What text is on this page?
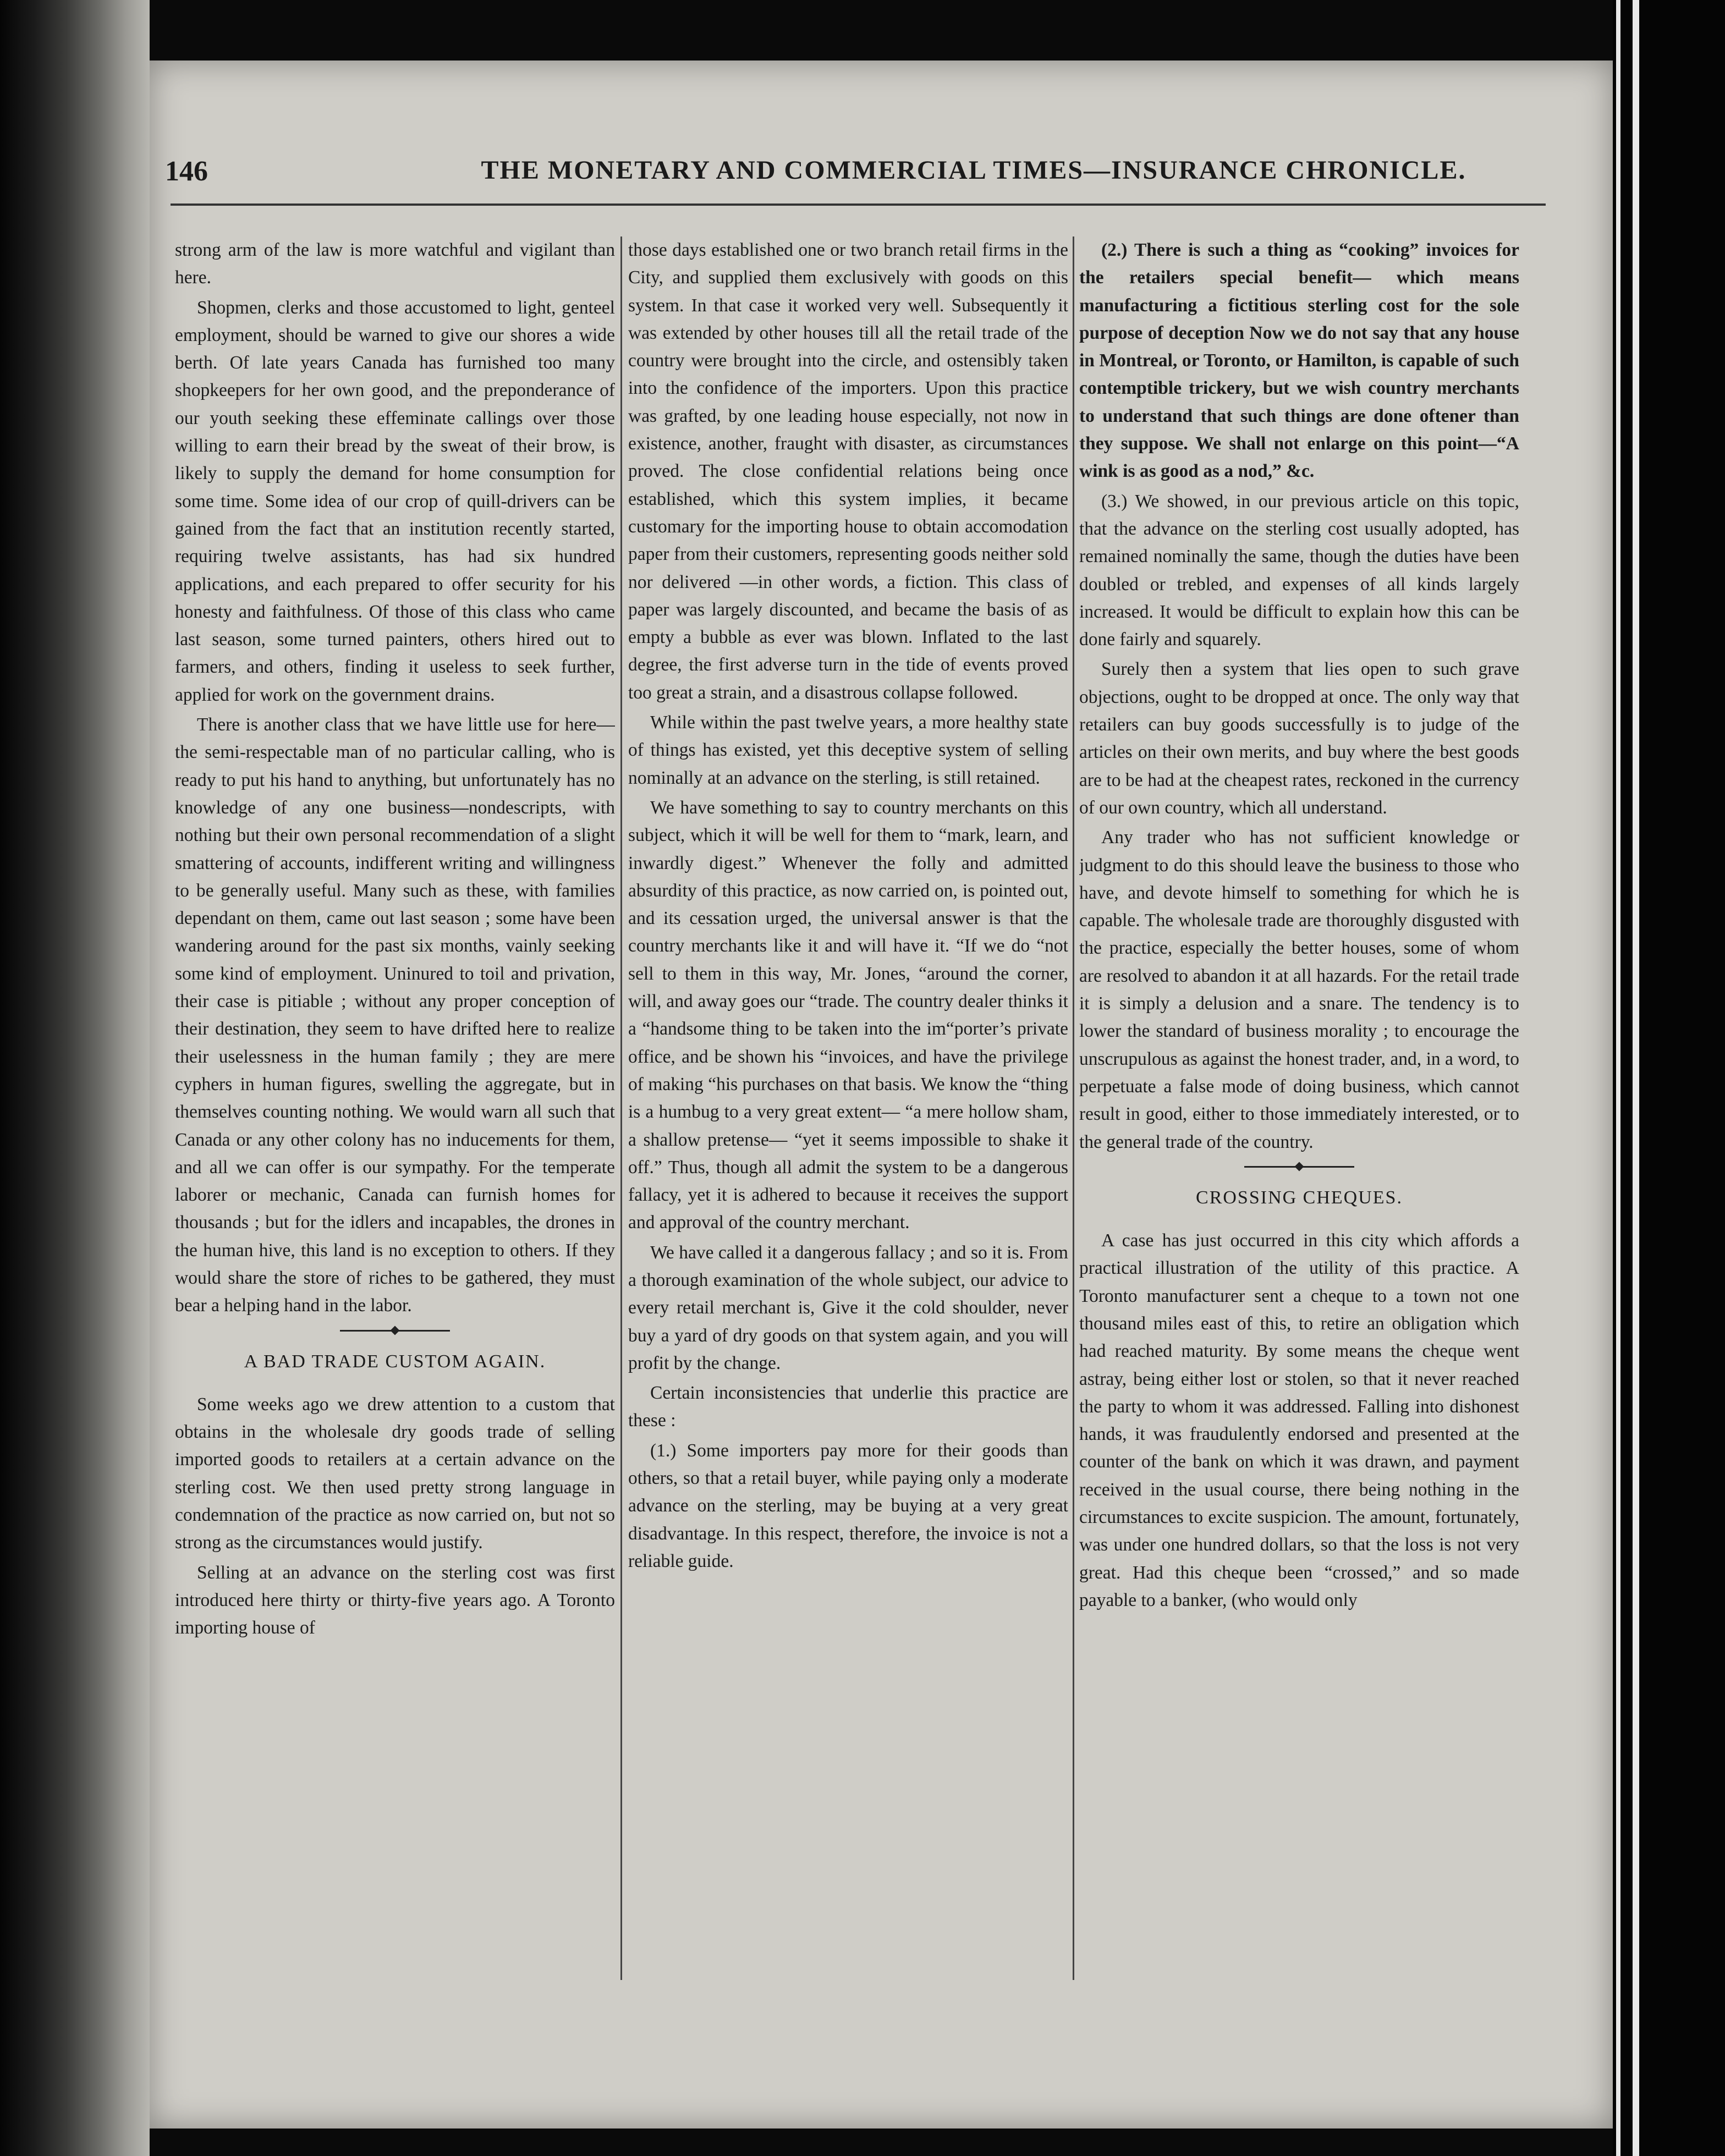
146	THE MONETARY AND COMMERCIAL TIMES—INSURANCE CHRONICLE.

strong arm of the law is more watchful and vigilant than here.

Shopmen, clerks and those accustomed to light, genteel employment, should be warned to give our shores a wide berth. Of late years Canada has furnished too many shopkeepers for her own good, and the preponderance of our youth seeking these effeminate callings over those willing to earn their bread by the sweat of their brow, is likely to supply the demand for home consumption for some time. Some idea of our crop of quill-drivers can be gained from the fact that an institution recently started, requiring twelve assistants, has had six hundred applications, and each prepared to offer security for his honesty and faithfulness. Of those of this class who came last season, some turned painters, others hired out to farmers, and others, finding it useless to seek further, applied for work on the government drains.

There is another class that we have little use for here—the semi-respectable man of no particular calling, who is ready to put his hand to anything, but unfortunately has no knowledge of any one business—nondescripts, with nothing but their own personal recommendation of a slight smattering of accounts, indifferent writing and willingness to be generally useful. Many such as these, with families dependant on them, came out last season ; some have been wandering around for the past six months, vainly seeking some kind of employment. Uninured to toil and privation, their case is pitiable ; without any proper conception of their destination, they seem to have drifted here to realize their uselessness in the human family ; they are mere cyphers in human figures, swelling the aggregate, but in themselves counting nothing. We would warn all such that Canada or any other colony has no inducements for them, and all we can offer is our sympathy. For the temperate laborer or mechanic, Canada can furnish homes for thousands ; but for the idlers and incapables, the drones in the human hive, this land is no exception to others. If they would share the store of riches to be gathered, they must bear a helping hand in the labor.

A BAD TRADE CUSTOM AGAIN.

Some weeks ago we drew attention to a custom that obtains in the wholesale dry goods trade of selling imported goods to retailers at a certain advance on the sterling cost. We then used pretty strong language in condemnation of the practice as now carried on, but not so strong as the circumstances would justify.

Selling at an advance on the sterling cost was first introduced here thirty or thirty-five years ago. A Toronto importing house of

those days established one or two branch retail firms in the City, and supplied them exclusively with goods on this system. In that case it worked very well. Subsequently it was extended by other houses till all the retail trade of the country were brought into the circle, and ostensibly taken into the confidence of the importers. Upon this practice was grafted, by one leading house especially, not now in existence, another, fraught with disaster, as circumstances proved. The close confidential relations being once established, which this system implies, it became customary for the importing house to obtain accomodation paper from their customers, representing goods neither sold nor delivered —in other words, a fiction. This class of paper was largely discounted, and became the basis of as empty a bubble as ever was blown. Inflated to the last degree, the first adverse turn in the tide of events proved too great a strain, and a disastrous collapse followed.

While within the past twelve years, a more healthy state of things has existed, yet this deceptive system of selling nominally at an advance on the sterling, is still retained.

We have something to say to country merchants on this subject, which it will be well for them to “mark, learn, and inwardly digest.” Whenever the folly and admitted absurdity of this practice, as now carried on, is pointed out, and its cessation urged, the universal answer is that the country merchants like it and will have it. “If we do “not sell to them in this way, Mr. Jones, “around the corner, will, and away goes our “trade. The country dealer thinks it a “handsome thing to be taken into the im“porter’s private office, and be shown his “invoices, and have the privilege of making “his purchases on that basis. We know the “thing is a humbug to a very great extent— “a mere hollow sham, a shallow pretense— “yet it seems impossible to shake it off.” Thus, though all admit the system to be a dangerous fallacy, yet it is adhered to because it receives the support and approval of the country merchant.

We have called it a dangerous fallacy ; and so it is. From a thorough examination of the whole subject, our advice to every retail merchant is, Give it the cold shoulder, never buy a yard of dry goods on that system again, and you will profit by the change.

Certain inconsistencies that underlie this practice are these :

(1.) Some importers pay more for their goods than others, so that a retail buyer, while paying only a moderate advance on the sterling, may be buying at a very great disadvantage. In this respect, therefore, the invoice is not a reliable guide.

(2.) There is such a thing as “cooking” invoices for the retailers special benefit— which means manufacturing a fictitious sterling cost for the sole purpose of deception Now we do not say that any house in Montreal, or Toronto, or Hamilton, is capable of such contemptible trickery, but we wish country merchants to understand that such things are done oftener than they suppose. We shall not enlarge on this point—“A wink is as good as a nod,” &c.

(3.) We showed, in our previous article on this topic, that the advance on the sterling cost usually adopted, has remained nominally the same, though the duties have been doubled or trebled, and expenses of all kinds largely increased. It would be difficult to explain how this can be done fairly and squarely.

Surely then a system that lies open to such grave objections, ought to be dropped at once. The only way that retailers can buy goods successfully is to judge of the articles on their own merits, and buy where the best goods are to be had at the cheapest rates, reckoned in the currency of our own country, which all understand.

Any trader who has not sufficient knowledge or judgment to do this should leave the business to those who have, and devote himself to something for which he is capable. The wholesale trade are thoroughly disgusted with the practice, especially the better houses, some of whom are resolved to abandon it at all hazards. For the retail trade it is simply a delusion and a snare. The tendency is to lower the standard of business morality ; to encourage the unscrupulous as against the honest trader, and, in a word, to perpetuate a false mode of doing business, which cannot result in good, either to those immediately interested, or to the general trade of the country.

CROSSING CHEQUES.

A case has just occurred in this city which affords a practical illustration of the utility of this practice. A Toronto manufacturer sent a cheque to a town not one thousand miles east of this, to retire an obligation which had reached maturity. By some means the cheque went astray, being either lost or stolen, so that it never reached the party to whom it was addressed. Falling into dishonest hands, it was fraudulently endorsed and presented at the counter of the bank on which it was drawn, and payment received in the usual course, there being nothing in the circumstances to excite suspicion. The amount, fortunately, was under one hundred dollars, so that the loss is not very great. Had this cheque been “crossed,” and so made payable to a banker, (who would only
